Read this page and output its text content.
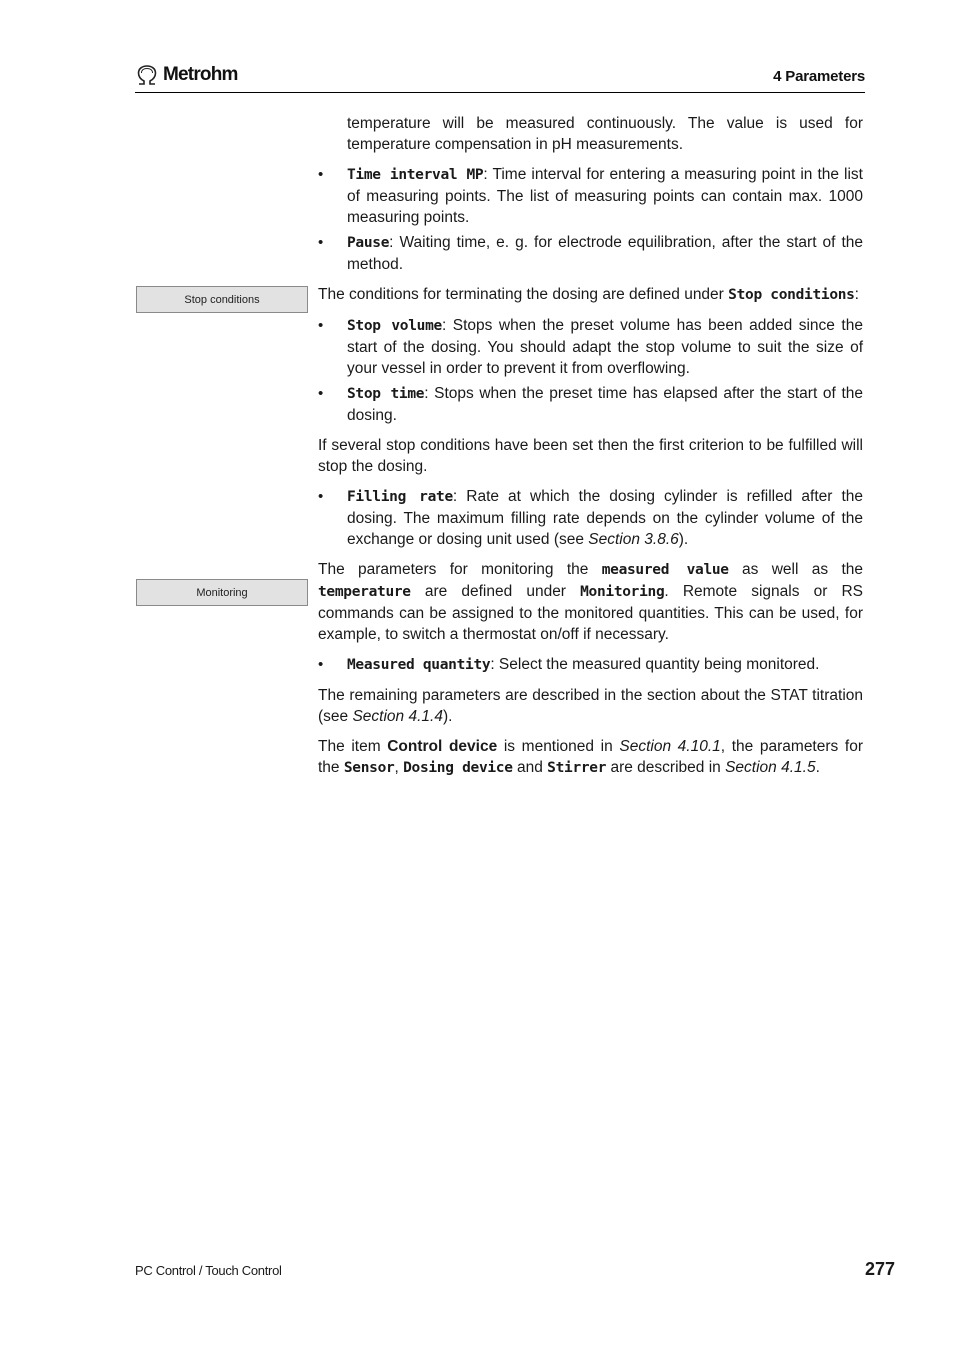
Metrohm	4 Parameters
Stop conditions
Monitoring

temperature will be measured continuously. The value is used for temperature compensation in pH measurements.

• Time interval MP: Time interval for entering a measuring point in the list of measuring points. The list of measuring points can contain max. 1000 measuring points.
• Pause: Waiting time, e. g. for electrode equilibration, after the start of the method.

The conditions for terminating the dosing are defined under Stop conditions:

• Stop volume: Stops when the preset volume has been added since the start of the dosing. You should adapt the stop volume to suit the size of your vessel in order to prevent it from overflowing.
• Stop time: Stops when the preset time has elapsed after the start of the dosing.

If several stop conditions have been set then the first criterion to be fulfilled will stop the dosing.

• Filling rate: Rate at which the dosing cylinder is refilled after the dosing. The maximum filling rate depends on the cylinder volume of the exchange or dosing unit used (see Section 3.8.6).

The parameters for monitoring the measured value as well as the temperature are defined under Monitoring. Remote signals or RS commands can be assigned to the monitored quantities. This can be used, for example, to switch a thermostat on/off if necessary.

• Measured quantity: Select the measured quantity being monitored.

The remaining parameters are described in the section about the STAT titration (see Section 4.1.4).

The item Control device is mentioned in Section 4.10.1, the parameters for the Sensor, Dosing device and Stirrer are described in Section 4.1.5.

PC Control / Touch Control	277
